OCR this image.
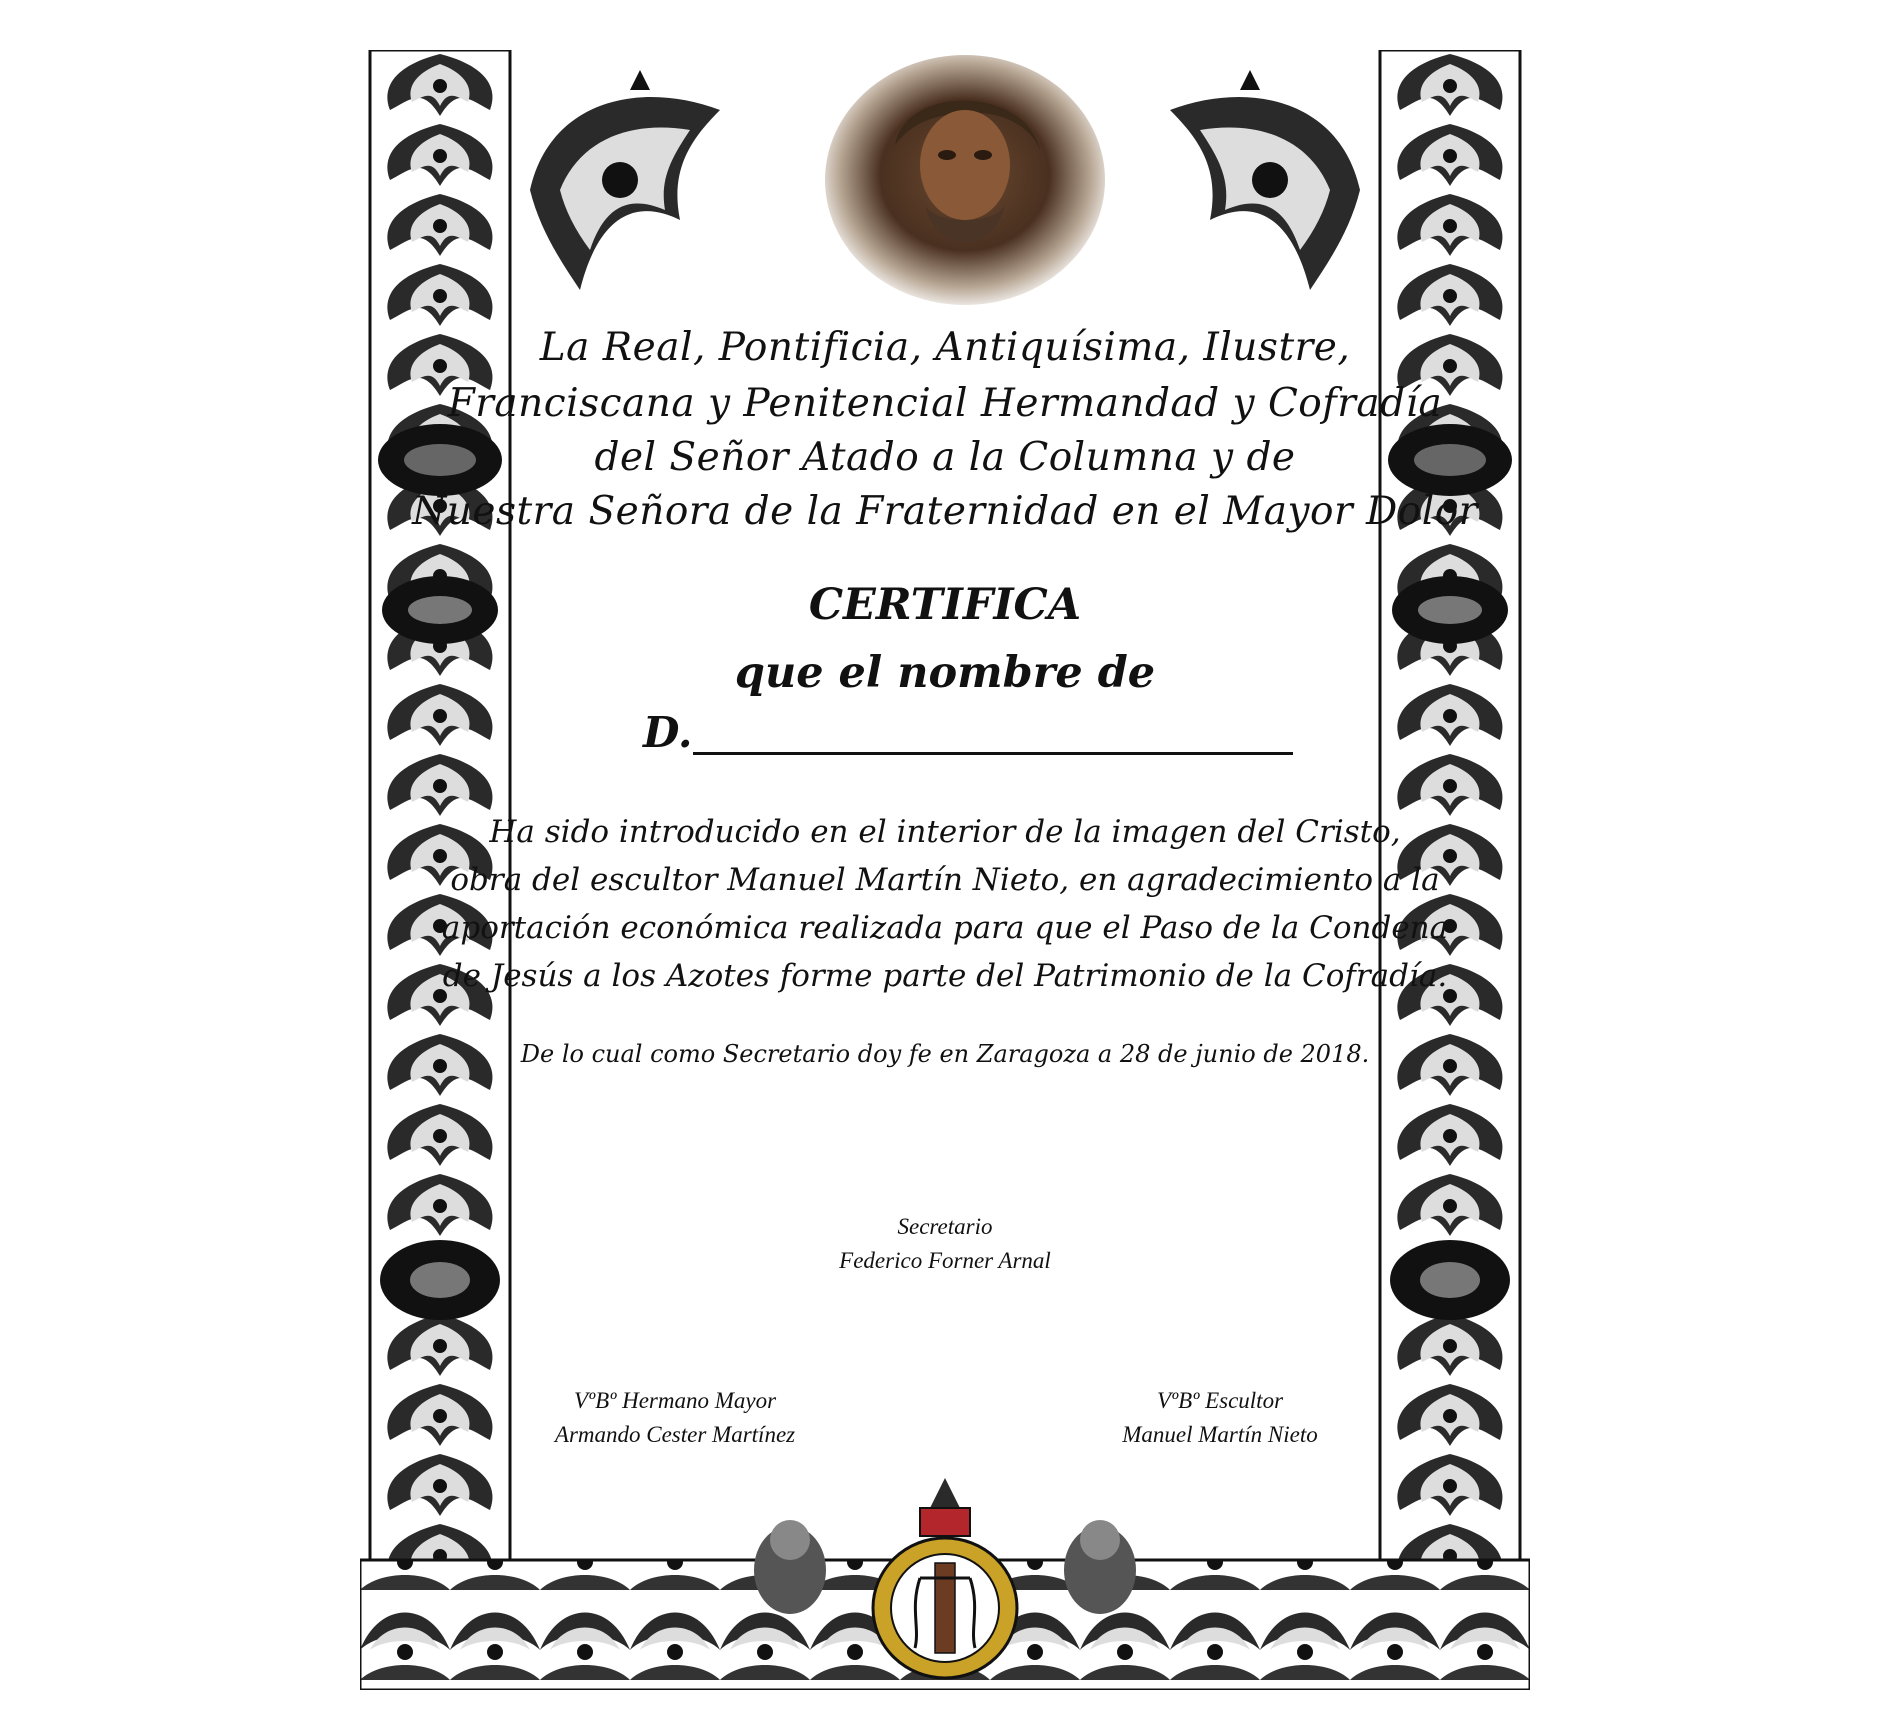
La Real, Pontificia, Antiquísima, Ilustre,
Franciscana y Penitencial Hermandad y Cofradía
del Señor Atado a la Columna y de
Nuestra Señora de la Fraternidad en el Mayor Dolor
CERTIFICA
que el nombre de
D.
Ha sido introducido en el interior de la imagen del Cristo,
obra del escultor Manuel Martín Nieto, en agradecimiento a la
aportación económica realizada para que el Paso de la Condena
de Jesús a los Azotes forme parte del Patrimonio de la Cofradía.
De lo cual como Secretario doy fe en Zaragoza a 28 de junio de 2018.
Secretario
Federico Forner Arnal
VºBº Hermano Mayor
Armando Cester Martínez
VºBº Escultor
Manuel Martín Nieto
